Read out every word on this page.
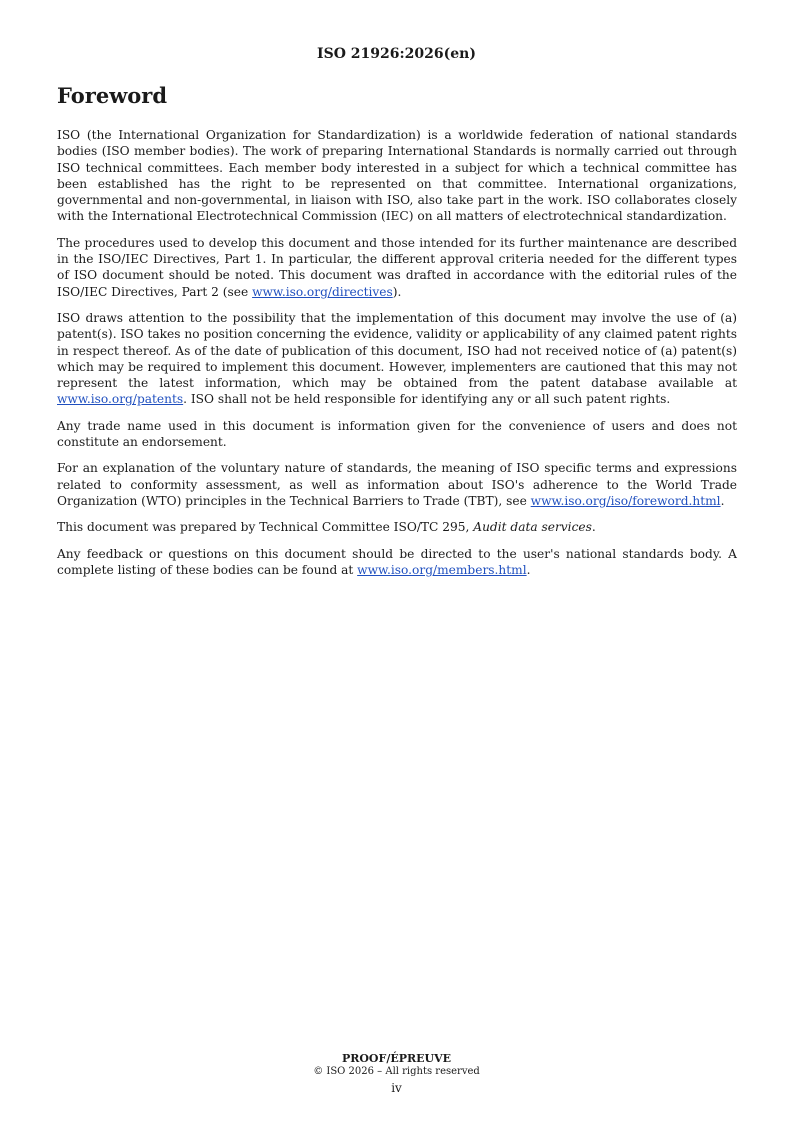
ISO 21926:2026(en)
Foreword

ISO (the International Organization for Standardization) is a worldwide federation of national standards bodies (ISO member bodies). The work of preparing International Standards is normally carried out through ISO technical committees. Each member body interested in a subject for which a technical committee has been established has the right to be represented on that committee. International organizations, governmental and non-governmental, in liaison with ISO, also take part in the work. ISO collaborates closely with the International Electrotechnical Commission (IEC) on all matters of electrotechnical standardization.

The procedures used to develop this document and those intended for its further maintenance are described in the ISO/IEC Directives, Part 1. In particular, the different approval criteria needed for the different types of ISO document should be noted. This document was drafted in accordance with the editorial rules of the ISO/IEC Directives, Part 2 (see www.iso.org/directives).

ISO draws attention to the possibility that the implementation of this document may involve the use of (a) patent(s). ISO takes no position concerning the evidence, validity or applicability of any claimed patent rights in respect thereof. As of the date of publication of this document, ISO had not received notice of (a) patent(s) which may be required to implement this document. However, implementers are cautioned that this may not represent the latest information, which may be obtained from the patent database available at www.iso.org/patents. ISO shall not be held responsible for identifying any or all such patent rights.

Any trade name used in this document is information given for the convenience of users and does not constitute an endorsement.

For an explanation of the voluntary nature of standards, the meaning of ISO specific terms and expressions related to conformity assessment, as well as information about ISO's adherence to the World Trade Organization (WTO) principles in the Technical Barriers to Trade (TBT), see www.iso.org/iso/foreword.html.

This document was prepared by Technical Committee ISO/TC 295, Audit data services.

Any feedback or questions on this document should be directed to the user's national standards body. A complete listing of these bodies can be found at www.iso.org/members.html.

PROOF/ÉPREUVE
© ISO 2026 – All rights reserved
iv
